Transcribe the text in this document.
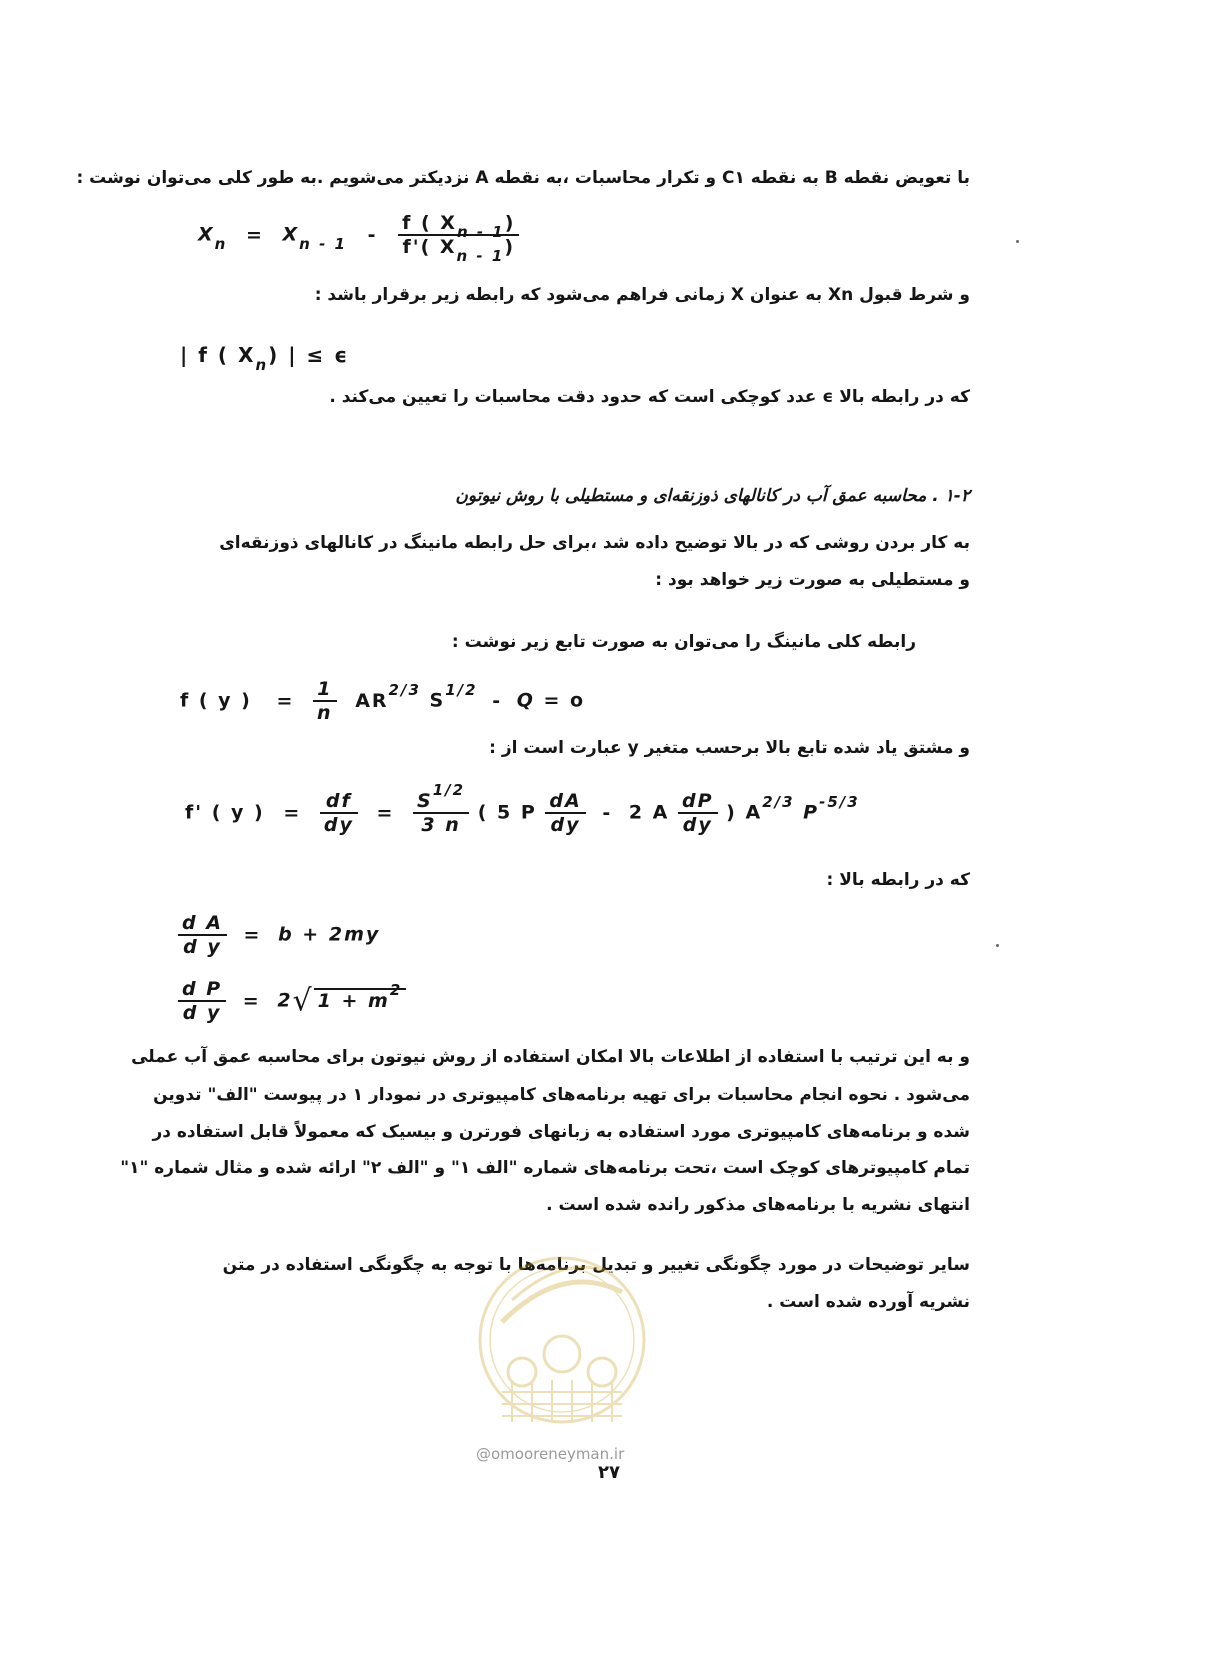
با تعویض نقطه B به نقطه C۱ و تکرار محاسبات ،به نقطه A نزدیکتر می‌شویم .به طور کلی می‌توان نوشت :
$X_n = X_{n - 1} - \frac{f ( X_{n - 1})}{f'( X_{n - 1})}$
و شرط قبول Xn به عنوان X زمانی فراهم می‌شود که رابطه زیر برقرار باشد :
| f ( $X_n$) | ≤ ϵ
که در رابطه بالا ϵ عدد کوچکی است که حدود دقت محاسبات را تعیین می‌کند .
۱-۲ . محاسبه عمق آب در کانالهای ذوزنقه‌ای و مستطیلی با روش نیوتون
به کار بردن روشی که در بالا توضیح داده شد ،برای حل رابطه مانینگ در کانالهای ذوزنقه‌ای
و مستطیلی به صورت زیر خواهد بود :
رابطه کلی مانینگ را می‌توان به صورت تابع زیر نوشت :
f ( y ) = $\frac{1}{n} AR^{2/3}$ $S^{1/2} - Q = o$
و مشتق یاد شده تابع بالا برحسب متغیر y عبارت است از :
f' ( y ) = $\frac{df}{dy} = \frac{S^{1/2}}{3 n}$ ( 5 P $\frac{dA}{dy} - 2$ A $\frac{dP}{dy}$ ) $A^{2/3}$ $P^{-5/3}$
که در رابطه بالا :
$\frac{\text{d A}}{\text{d y}} = b + 2my$
$\frac{\text{d P}}{\text{d y}} = 2√$ $1 + m^2$
و به این ترتیب با استفاده از اطلاعات بالا امکان استفاده از روش نیوتون برای محاسبه عمق آب عملی
می‌شود . نحوه انجام محاسبات برای تهیه برنامه‌های کامپیوتری در نمودار ۱ در پیوست "الف" تدوین
شده و برنامه‌های کامپیوتری مورد استفاده به زبانهای فورترن و بیسیک که معمولاً قابل استفاده در
تمام کامپیوترهای کوچک است ،تحت برنامه‌های شماره "الف ۱" و "الف ۲" ارائه شده و مثال شماره "۱"
انتهای نشریه با برنامه‌های مذکور رانده شده است .
سایر توضیحات در مورد چگونگی تغییر و تبدیل برنامه‌ها با توجه به چگونگی استفاده در متن
نشریه آورده شده است .
@omooreneyman.ir
۲۷
